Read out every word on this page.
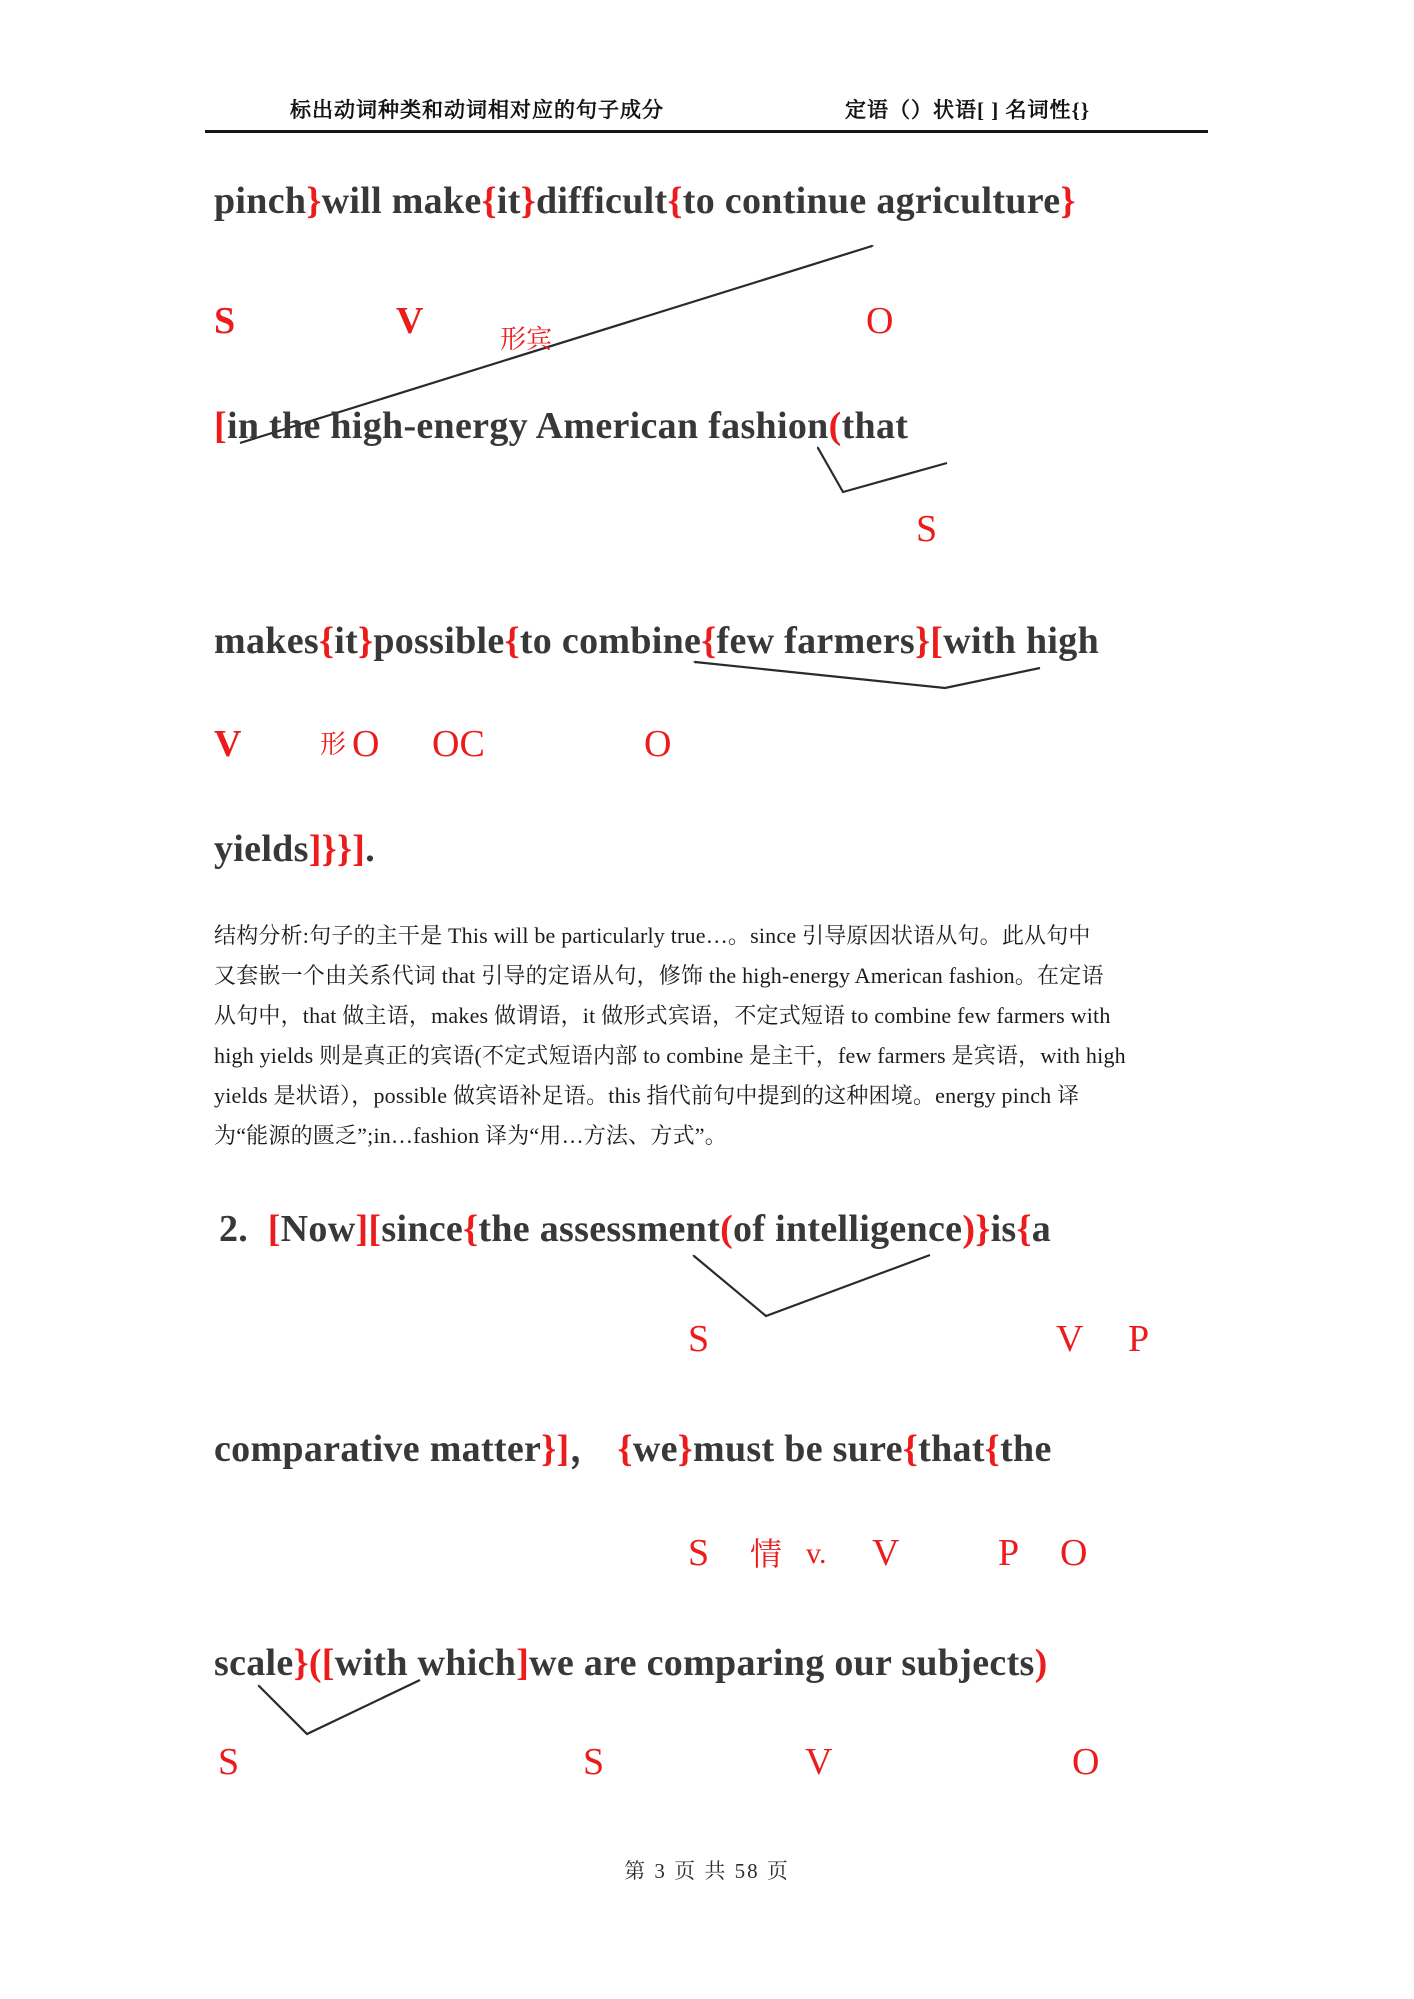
标出动词种类和动词相对应的句子成分	定语（）状语[ ] 名词性{}
pinch}will make{it}difficult{to continue agriculture}
[in the high-energy American fashion(that
makes{it}possible{to combine{few farmers}[with high
yields]}}].
2.  [Now][since{the assessment(of intelligence)}is{a
comparative matter}]， {we}must be sure{that{the
scale}([with which]we are comparing our subjects)
S	V	形宾	O
S
V	形 O OC	O
S	V P
S 情 v. V	P O
S	S	V	O
结构分析:句子的主干是 This will be particularly true…。since 引导原因状语从句。此从句中
又套嵌一个由关系代词 that 引导的定语从句，修饰 the high-energy American fashion。在定语
从句中，that 做主语，makes 做谓语，it 做形式宾语，不定式短语 to combine few farmers with
high yields 则是真正的宾语(不定式短语内部 to combine 是主干，few farmers 是宾语，with high
yields 是状语），possible 做宾语补足语。this 指代前句中提到的这种困境。energy pinch 译
为“能源的匮乏”;in…fashion 译为“用…方法、方式”。
第 3 页 共 58 页
